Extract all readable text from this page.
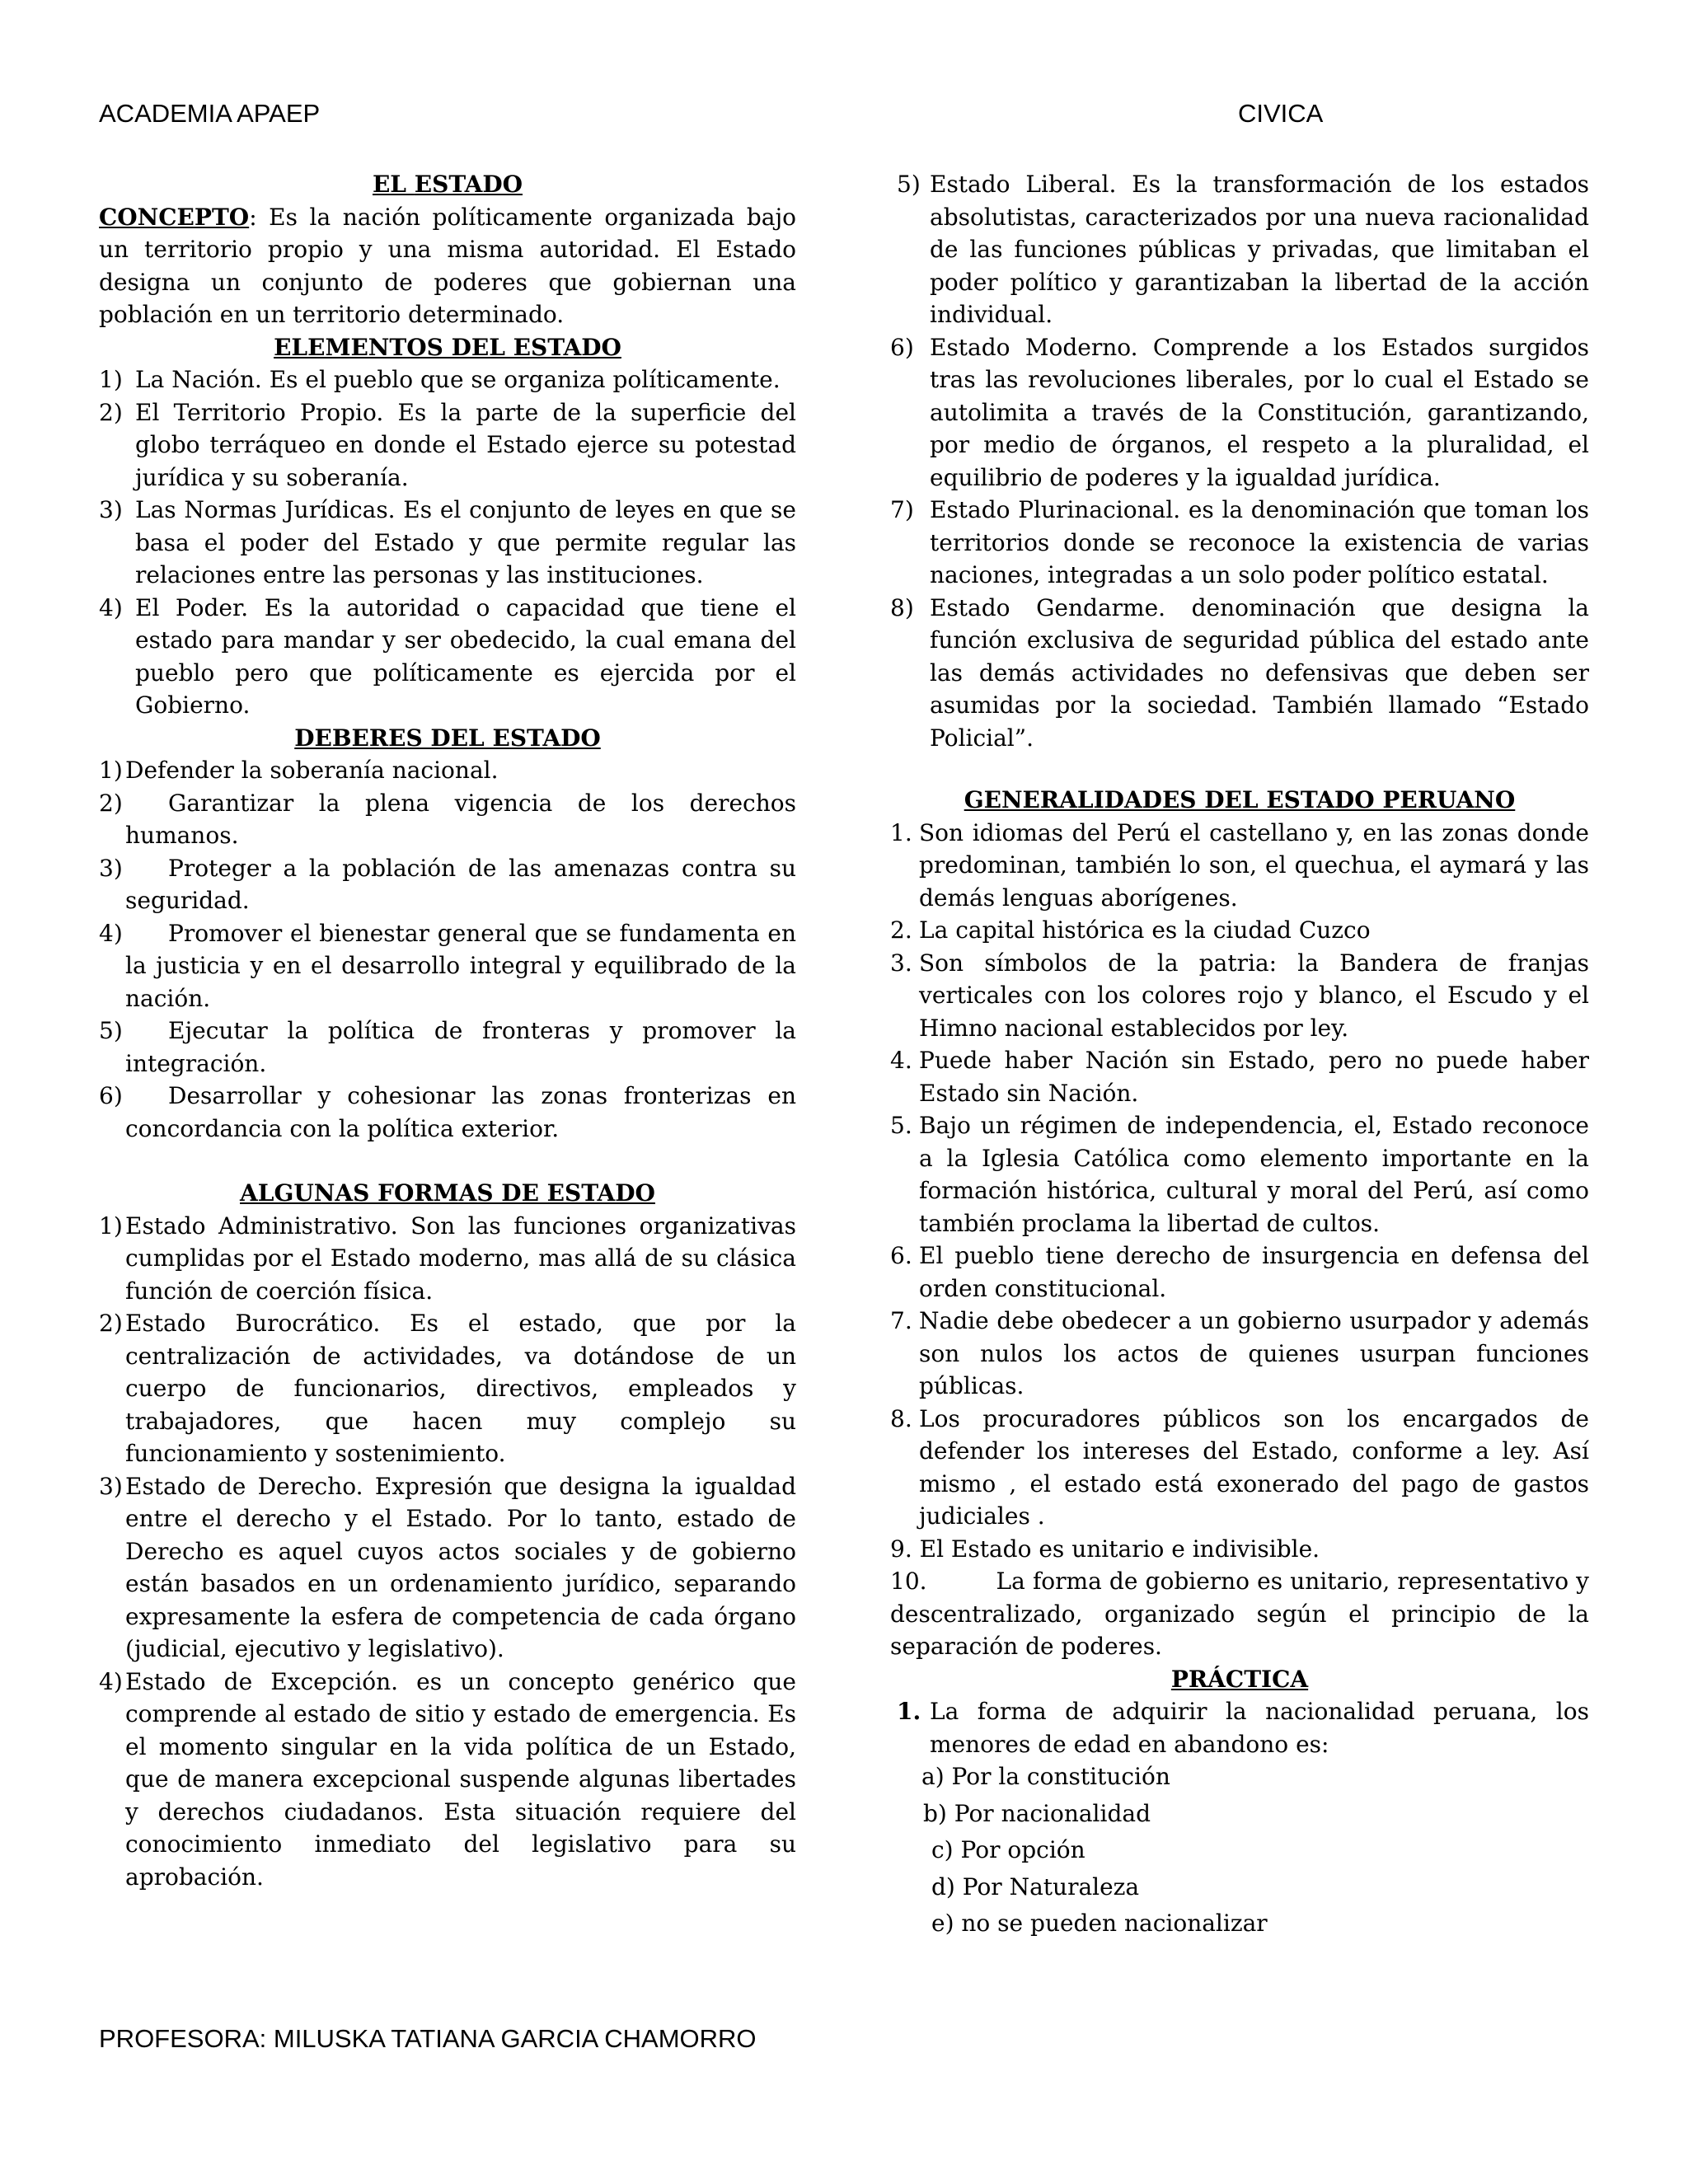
ACADEMIA APAEP	CIVICA

EL ESTADO

CONCEPTO: Es la nación políticamente organizada bajo un territorio propio y una misma autoridad. El Estado designa un conjunto de poderes que gobiernan una población en un territorio determinado.

ELEMENTOS DEL ESTADO

1) La Nación. Es el pueblo que se organiza políticamente.

2) El Territorio Propio. Es la parte de la superficie del globo terráqueo en donde el Estado ejerce su potestad jurídica y su soberanía.

3) Las Normas Jurídicas. Es el conjunto de leyes en que se basa el poder del Estado y que permite regular las relaciones entre las personas y las instituciones.

4) El Poder. Es la autoridad o capacidad que tiene el estado para mandar y ser obedecido, la cual emana del pueblo pero que políticamente es ejercida por el Gobierno.

DEBERES DEL ESTADO

1) Defender la soberanía nacional.

2) Garantizar la plena vigencia de los derechos humanos.

3) Proteger a la población de las amenazas contra su seguridad.

4) Promover el bienestar general que se fundamenta en la justicia y en el desarrollo integral y equilibrado de la nación.

5) Ejecutar la política de fronteras y promover la integración.

6) Desarrollar y cohesionar las zonas fronterizas en concordancia con la política exterior.

ALGUNAS FORMAS DE ESTADO

1) Estado Administrativo. Son las funciones organizativas cumplidas por el Estado moderno, mas allá de su clásica función de coerción física.

2) Estado Burocrático. Es el estado, que por la centralización de actividades, va dotándose de un cuerpo de funcionarios, directivos, empleados y trabajadores, que hacen muy complejo su funcionamiento y sostenimiento.

3) Estado de Derecho. Expresión que designa la igualdad entre el derecho y el Estado. Por lo tanto, estado de Derecho es aquel cuyos actos sociales y de gobierno están basados en un ordenamiento jurídico, separando expresamente la esfera de competencia de cada órgano (judicial, ejecutivo y legislativo).

4) Estado de Excepción. es un concepto genérico que comprende al estado de sitio y estado de emergencia. Es el momento singular en la vida política de un Estado, que de manera excepcional suspende algunas libertades y derechos ciudadanos. Esta situación requiere del conocimiento inmediato del legislativo para su aprobación.

5) Estado Liberal. Es la transformación de los estados absolutistas, caracterizados por una nueva racionalidad de las funciones públicas y privadas, que limitaban el poder político y garantizaban la libertad de la acción individual.

6) Estado Moderno. Comprende a los Estados surgidos tras las revoluciones liberales, por lo cual el Estado se autolimita a través de la Constitución, garantizando, por medio de órganos, el respeto a la pluralidad, el equilibrio de poderes y la igualdad jurídica.

7) Estado Plurinacional. es la denominación que toman los territorios donde se reconoce la existencia de varias naciones, integradas a un solo poder político estatal.

8) Estado Gendarme. denominación que designa la función exclusiva de seguridad pública del estado ante las demás actividades no defensivas que deben ser asumidas por la sociedad. También llamado “Estado Policial”.

GENERALIDADES DEL ESTADO PERUANO

1. Son idiomas del Perú el castellano y, en las zonas donde predominan, también lo son, el quechua, el aymará y las demás lenguas aborígenes.

2. La capital histórica es la ciudad Cuzco

3. Son símbolos de la patria: la Bandera de franjas verticales con los colores rojo y blanco, el Escudo y el Himno nacional establecidos por ley.

4. Puede haber Nación sin Estado, pero no puede haber Estado sin Nación.

5. Bajo un régimen de independencia, el, Estado reconoce a la Iglesia Católica como elemento importante en la formación histórica, cultural y moral del Perú, así como también proclama la libertad de cultos.

6. El pueblo tiene derecho de insurgencia en defensa del orden constitucional.

7. Nadie debe obedecer a un gobierno usurpador y además son nulos los actos de quienes usurpan funciones públicas.

8. Los procuradores públicos son los encargados de defender los intereses del Estado, conforme a ley. Así mismo , el estado está exonerado del pago de gastos judiciales .

9. El Estado es unitario e indivisible.

10.	La forma de gobierno es unitario, representativo y descentralizado, organizado según el principio de la separación de poderes.

PRÁCTICA

1. La forma de adquirir la nacionalidad peruana, los menores de edad en abandono es:

a) Por la constitución

b) Por nacionalidad

c) Por opción

d) Por Naturaleza

e) no se pueden nacionalizar

PROFESORA: MILUSKA TATIANA GARCIA CHAMORRO
